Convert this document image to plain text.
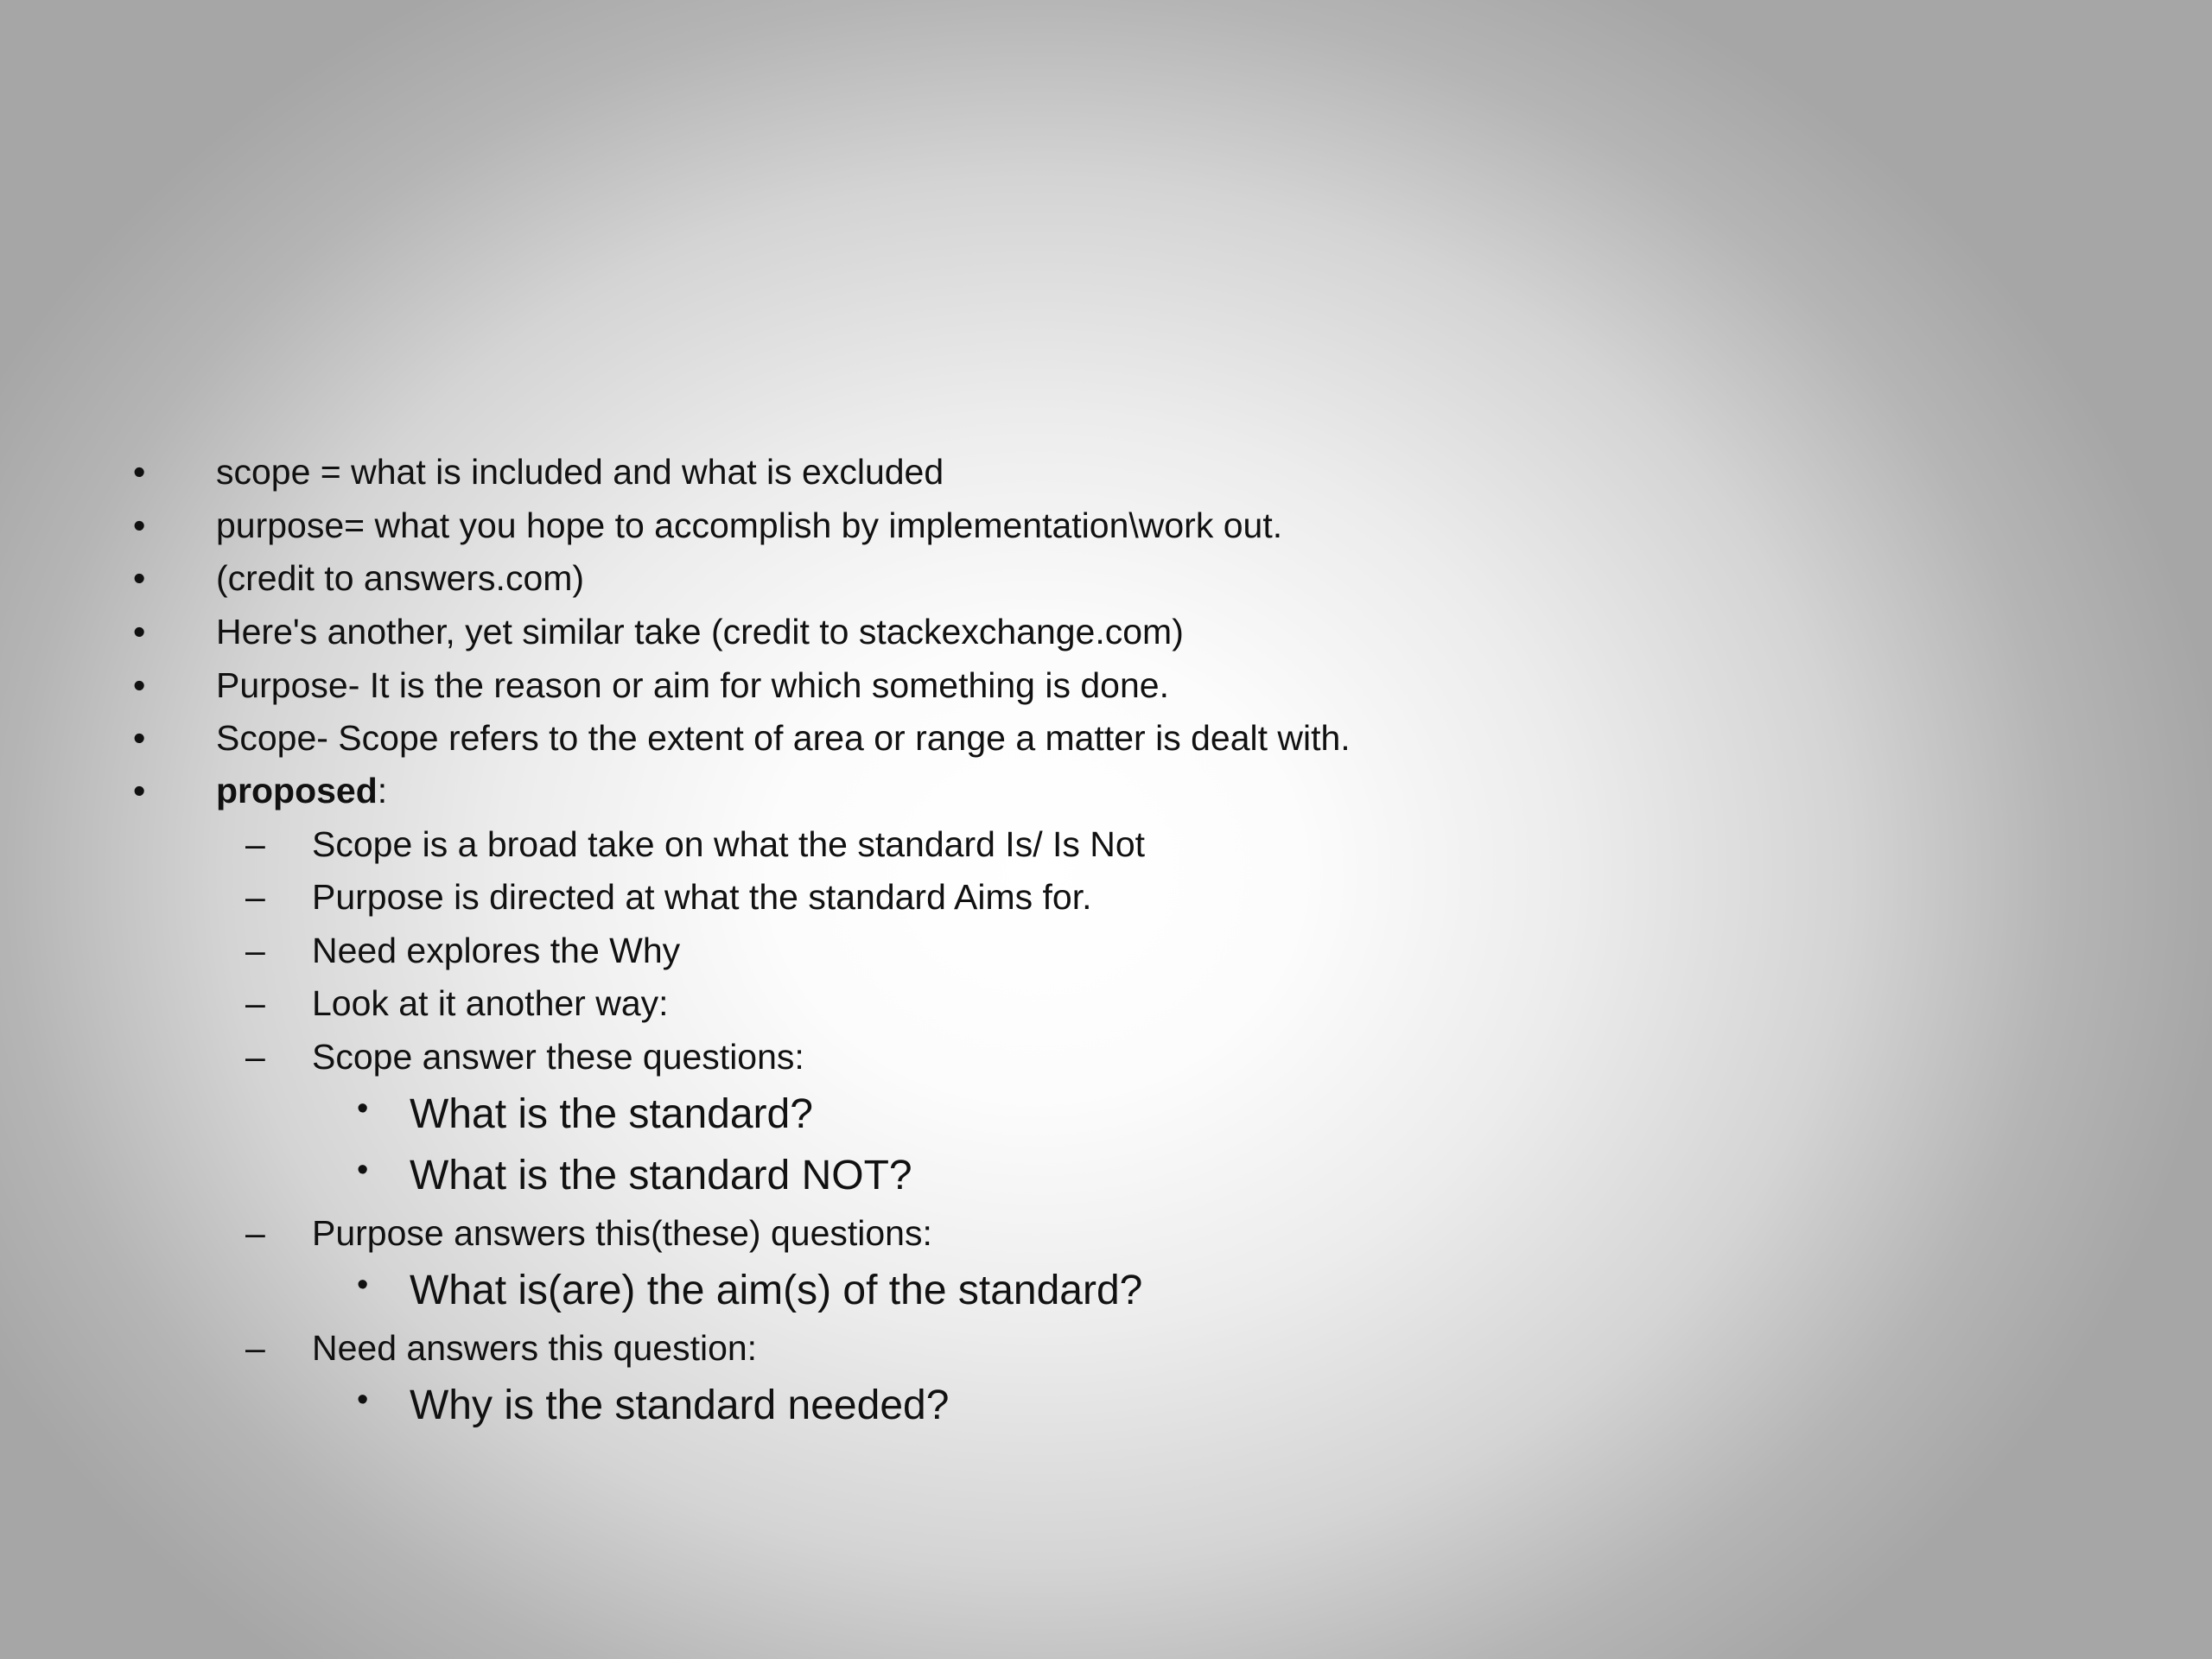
• scope = what is included and what is excluded
• purpose= what you hope to accomplish by implementation\work out.
• (credit to answers.com)
• Here's another, yet similar take (credit to stackexchange.com)
• Purpose- It is the reason or aim for which something is done.
• Scope- Scope refers to the extent of area or range a matter is dealt with.
• proposed:
– Scope is a broad take on what the standard Is/ Is Not
– Purpose is directed at what the standard Aims for.
– Need explores the Why
– Look at it another way:
– Scope answer these questions:
• What is the standard?
• What is the standard NOT?
– Purpose answers this(these) questions:
• What is(are) the aim(s) of the standard?
– Need answers this question:
• Why is the standard needed?
